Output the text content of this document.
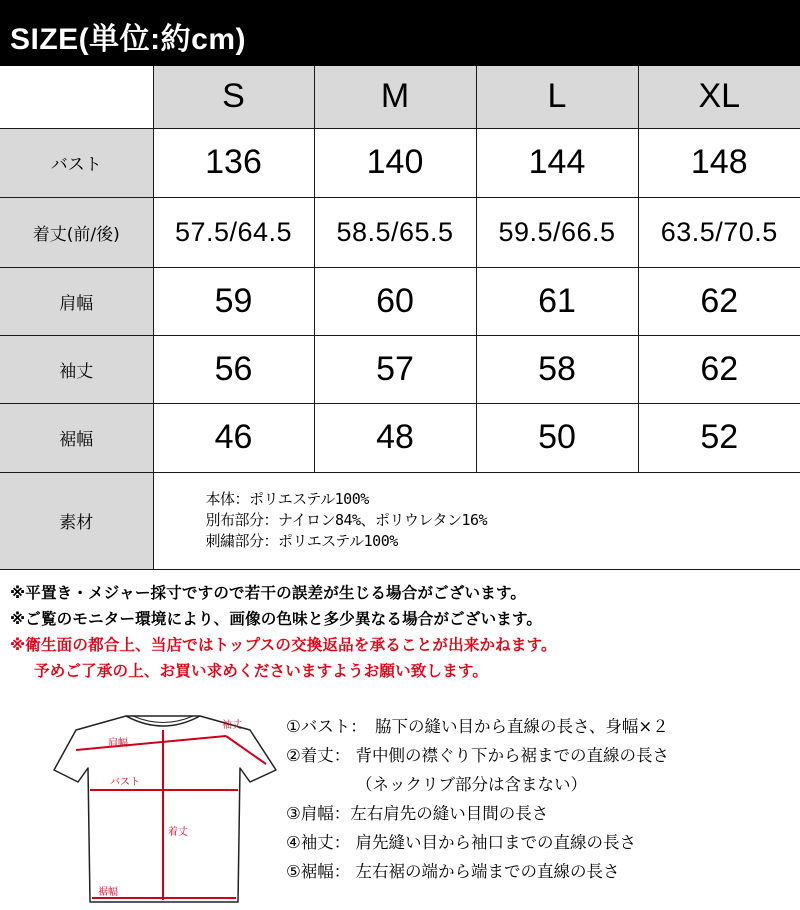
SIZE(単位:約cm)
	S	M	L	XL
バスト	136	140	144	148
着丈(前/後)	57.5/64.5	58.5/65.5	59.5/66.5	63.5/70.5
肩幅	59	60	61	62
袖丈	56	57	58	62
裾幅	46	48	50	52
素材	本体：ポリエステル100%
別布部分：ナイロン84%、ポリウレタン16%
刺繍部分：ポリエステル100%			
※平置き・メジャー採寸ですので若干の誤差が生じる場合がございます。
※ご覧のモニター環境により、画像の色味と多少異なる場合がございます。
※衛生面の都合上、当店ではトップスの交換返品を承ることが出来かねます。
予めご了承の上、お買い求めくださいますようお願い致します。
肩幅
袖丈
バスト
着丈
裾幅
①バスト：　脇下の縫い目から直線の長さ、身幅×２
②着丈： 背中側の襟ぐり下から裾までの直線の長さ
（ネックリブ部分は含まない）
③肩幅：左右肩先の縫い目間の長さ
④袖丈： 肩先縫い目から袖口までの直線の長さ
⑤裾幅： 左右裾の端から端までの直線の長さ
